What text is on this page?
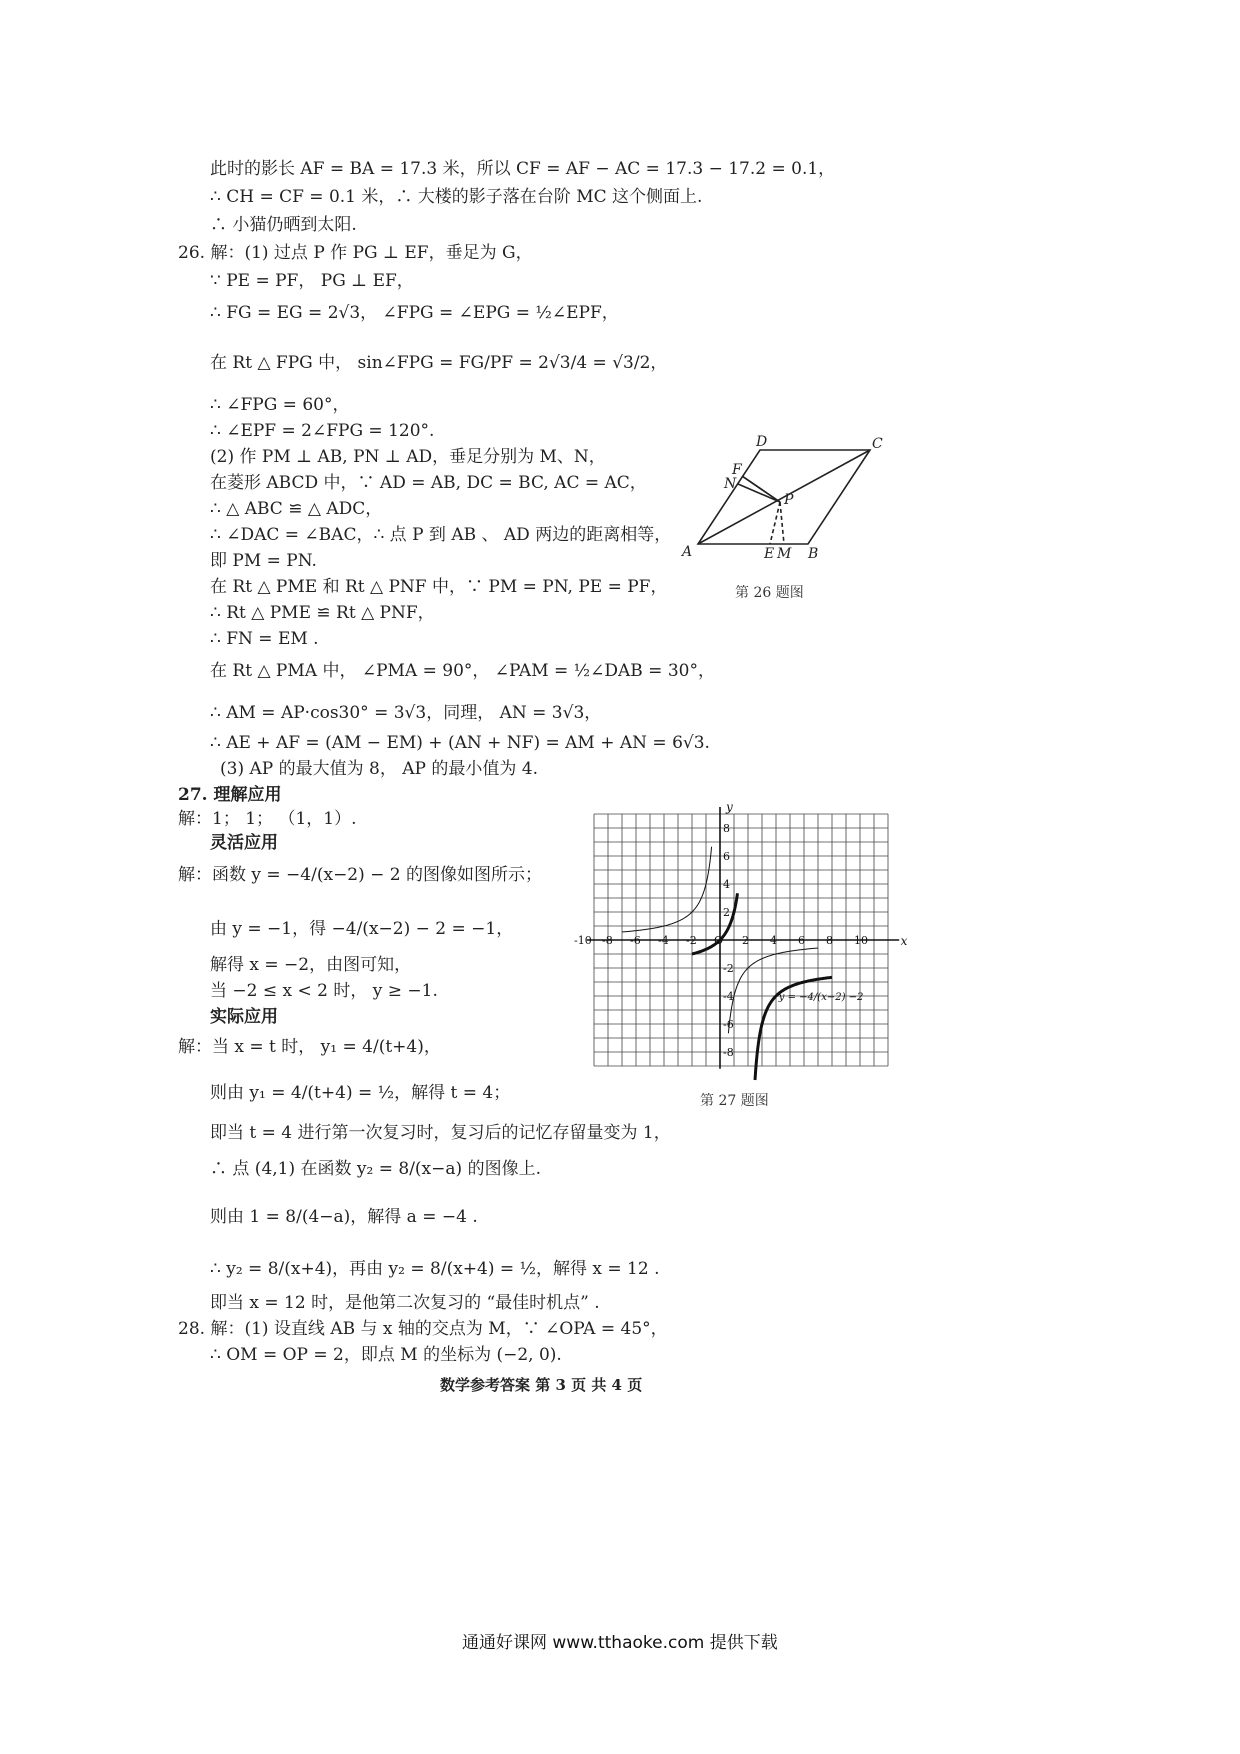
此时的影长 AF = BA = 17.3 米，所以 CF = AF − AC = 17.3 − 17.2 = 0.1，
∴ CH = CF = 0.1 米，∴ 大楼的影子落在台阶 MC 这个侧面上.
∴ 小猫仍晒到太阳.
26. 解：(1) 过点 P 作 PG ⊥ EF，垂足为 G，
∵ PE = PF， PG ⊥ EF，
∴ FG = EG = 2√3， ∠FPG = ∠EPG = ½∠EPF，
在 Rt △ FPG 中， sin∠FPG = FG/PF = 2√3/4 = √3/2，
∴ ∠FPG = 60°，
∴ ∠EPF = 2∠FPG = 120°.
(2) 作 PM ⊥ AB, PN ⊥ AD，垂足分别为 M、N，
在菱形 ABCD 中，∵ AD = AB, DC = BC, AC = AC，
∴ △ ABC ≌ △ ADC，
∴ ∠DAC = ∠BAC，∴ 点 P 到 AB 、 AD 两边的距离相等，
即 PM = PN.
在 Rt △ PME 和 Rt △ PNF 中，∵ PM = PN, PE = PF，
∴ Rt △ PME ≌ Rt △ PNF，
∴ FN = EM .
在 Rt △ PMA 中， ∠PMA = 90°， ∠PAM = ½∠DAB = 30°，
∴ AM = AP·cos30° = 3√3，同理， AN = 3√3，
∴ AE + AF = (AM − EM) + (AN + NF) = AM + AN = 6√3.
(3) AP 的最大值为 8， AP 的最小值为 4.
27. 理解应用
解：1； 1； （1，1）.
灵活应用
解：函数 y = −4/(x−2) − 2 的图像如图所示；
由 y = −1，得 −4/(x−2) − 2 = −1，
解得 x = −2，由图可知，
当 −2 ≤ x < 2 时， y ≥ −1.
实际应用
解：当 x = t 时， y₁ = 4/(t+4)，
则由 y₁ = 4/(t+4) = ½，解得 t = 4；
即当 t = 4 进行第一次复习时，复习后的记忆存留量变为 1，
∴ 点 (4,1) 在函数 y₂ = 8/(x−a) 的图像上.
则由 1 = 8/(4−a)，解得 a = −4 .
∴ y₂ = 8/(x+4)，再由 y₂ = 8/(x+4) = ½，解得 x = 12 .
即当 x = 12 时，是他第二次复习的 “最佳时机点” .
28. 解：(1) 设直线 AB 与 x 轴的交点为 M，∵ ∠OPA = 45°，
∴ OM = OP = 2，即点 M 的坐标为 (−2, 0).
A	B
C
D
E M
F
N
P
第 26 题图
-10 -8 -6 -4 -2 O 2 4 6 8 10
8
6
4
2
-2
-4
-6
-8
x
y
y = −4/(x−2) −2
第 27 题图
数学参考答案 第 3 页 共 4 页
通通好课网 www.tthaoke.com 提供下载
